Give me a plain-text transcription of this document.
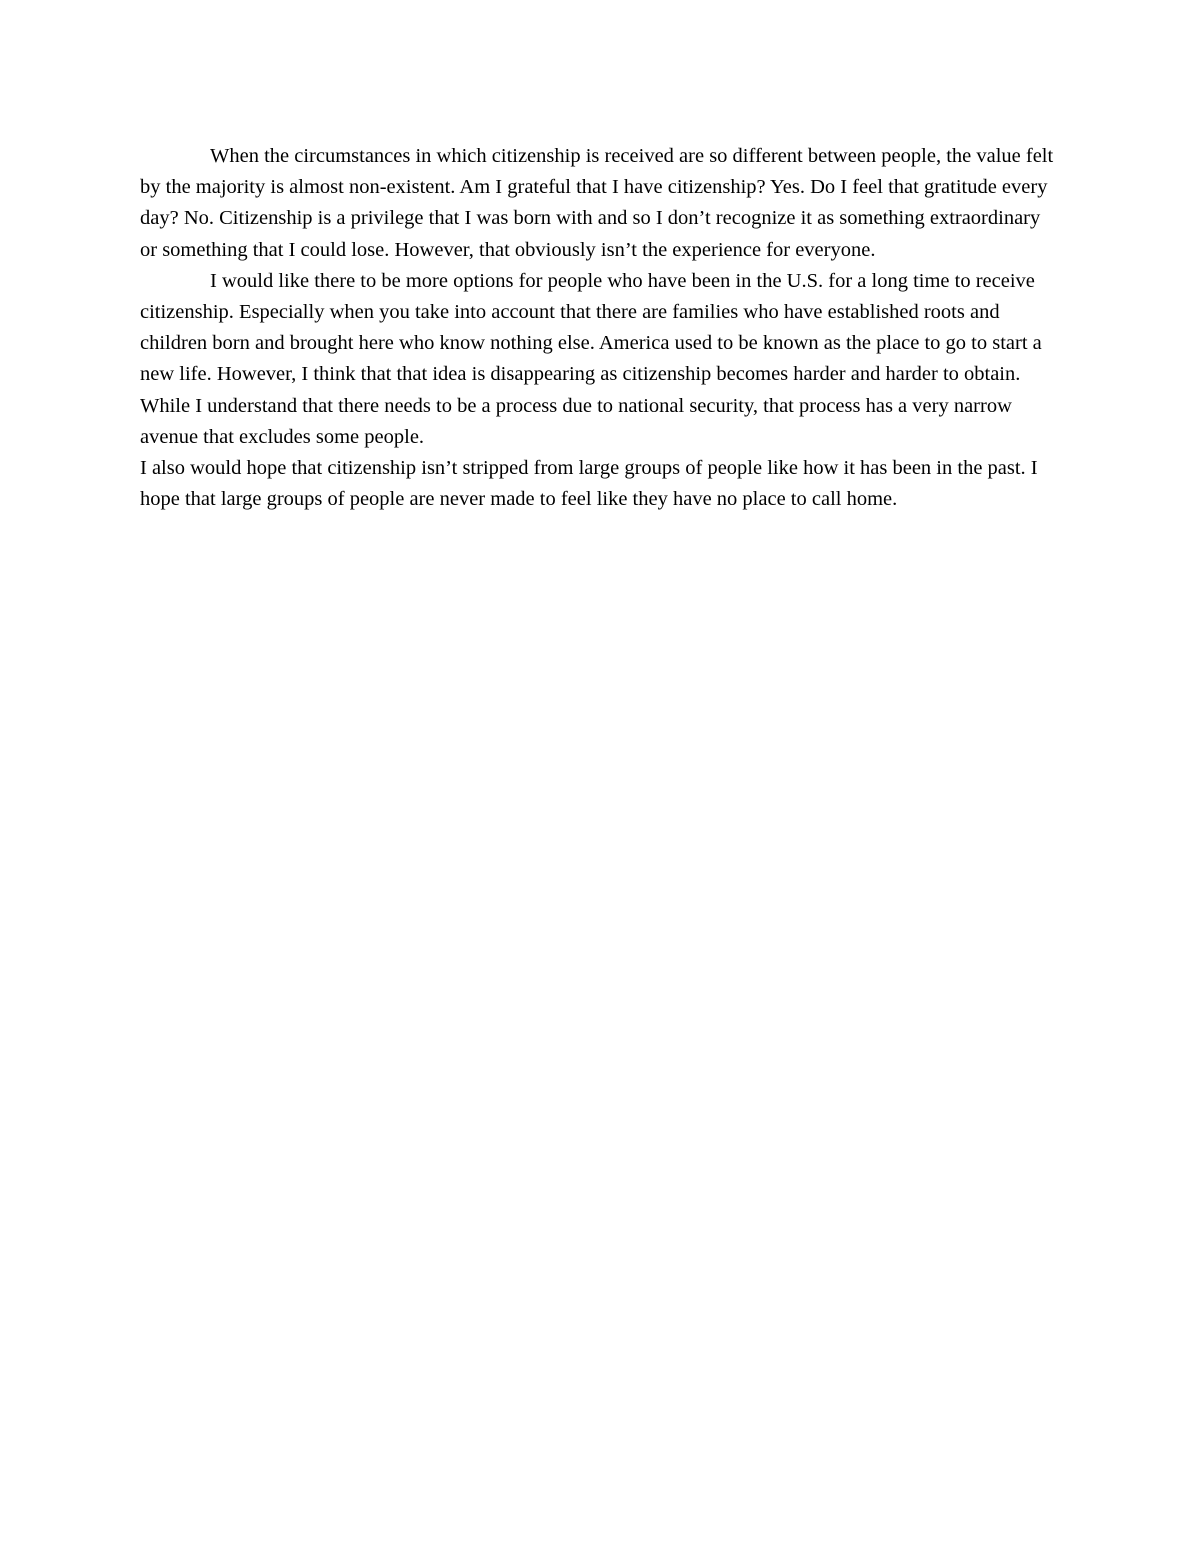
When the circumstances in which citizenship is received are so different between people, the value felt by the majority is almost non-existent. Am I grateful that I have citizenship? Yes. Do I feel that gratitude every day? No. Citizenship is a privilege that I was born with and so I don’t recognize it as something extraordinary or something that I could lose. However, that obviously isn’t the experience for everyone.

I would like there to be more options for people who have been in the U.S. for a long time to receive citizenship. Especially when you take into account that there are families who have established roots and children born and brought here who know nothing else. America used to be known as the place to go to start a new life. However, I think that that idea is disappearing as citizenship becomes harder and harder to obtain. While I understand that there needs to be a process due to national security, that process has a very narrow avenue that excludes some people.

I also would hope that citizenship isn’t stripped from large groups of people like how it has been in the past. I hope that large groups of people are never made to feel like they have no place to call home.
